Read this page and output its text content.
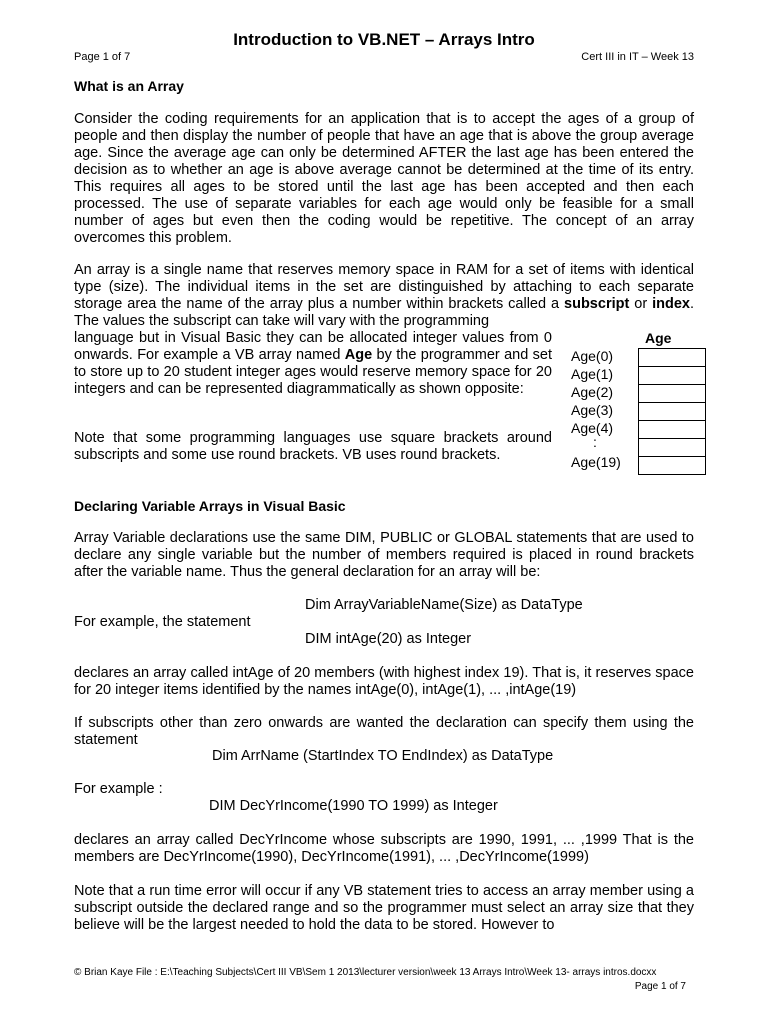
Introduction to VB.NET – Arrays Intro
Page 1 of 7	Cert III in IT – Week 13
What is an Array
Consider the coding requirements for an application that is to accept the ages of a group of people and then display the number of people that have an age that is above the group average age. Since the average age can only be determined AFTER the last age has been entered the decision as to whether an age is above average cannot be determined at the time of its entry. This requires all ages to be stored until the last age has been accepted and then each processed. The use of separate variables for each age would only be feasible for a small number of ages but even then the coding would be repetitive. The concept of an array overcomes this problem.
An array is a single name that reserves memory space in RAM for a set of items with identical type (size). The individual items in the set are distinguished by attaching to each separate storage area the name of the array plus a number within brackets called a subscript or index. The values the subscript can take will vary with the programming
language but in Visual Basic they can be allocated integer values from 0 onwards. For example a VB array named Age by the programmer and set to store up to 20 student integer ages would reserve memory space for 20 integers and can be represented diagrammatically as shown opposite:
Note that some programming languages use square brackets around subscripts and some use round brackets. VB uses round brackets.
Age
Age(0)
Age(1)
Age(2)
Age(3)
Age(4)
:
Age(19)
Declaring Variable Arrays in Visual Basic
Array Variable declarations use the same DIM, PUBLIC or GLOBAL statements that are used to declare any single variable but the number of members required is placed in round brackets after the variable name. Thus the general declaration for an array will be:
Dim ArrayVariableName(Size) as DataType
For example, the statement
DIM intAge(20) as Integer
declares an array called intAge of 20 members (with highest index 19). That is, it reserves space for 20 integer items identified by the names intAge(0), intAge(1), ... ,intAge(19)
If subscripts other than zero onwards are wanted the declaration can specify them using the statement
Dim ArrName (StartIndex TO EndIndex) as DataType
For example :
DIM DecYrIncome(1990 TO 1999) as Integer
declares an array called DecYrIncome whose subscripts are 1990, 1991, ... ,1999 That is the members are DecYrIncome(1990), DecYrIncome(1991), ... ,DecYrIncome(1999)
Note that a run time error will occur if any VB statement tries to access an array member using a subscript outside the declared range and so the programmer must select an array size that they believe will be the largest needed to hold the data to be stored. However to
© Brian Kaye File : E:\Teaching Subjects\Cert III VB\Sem 1 2013\lecturer version\week 13 Arrays Intro\Week 13- arrays intros.docxx
Page 1 of 7
